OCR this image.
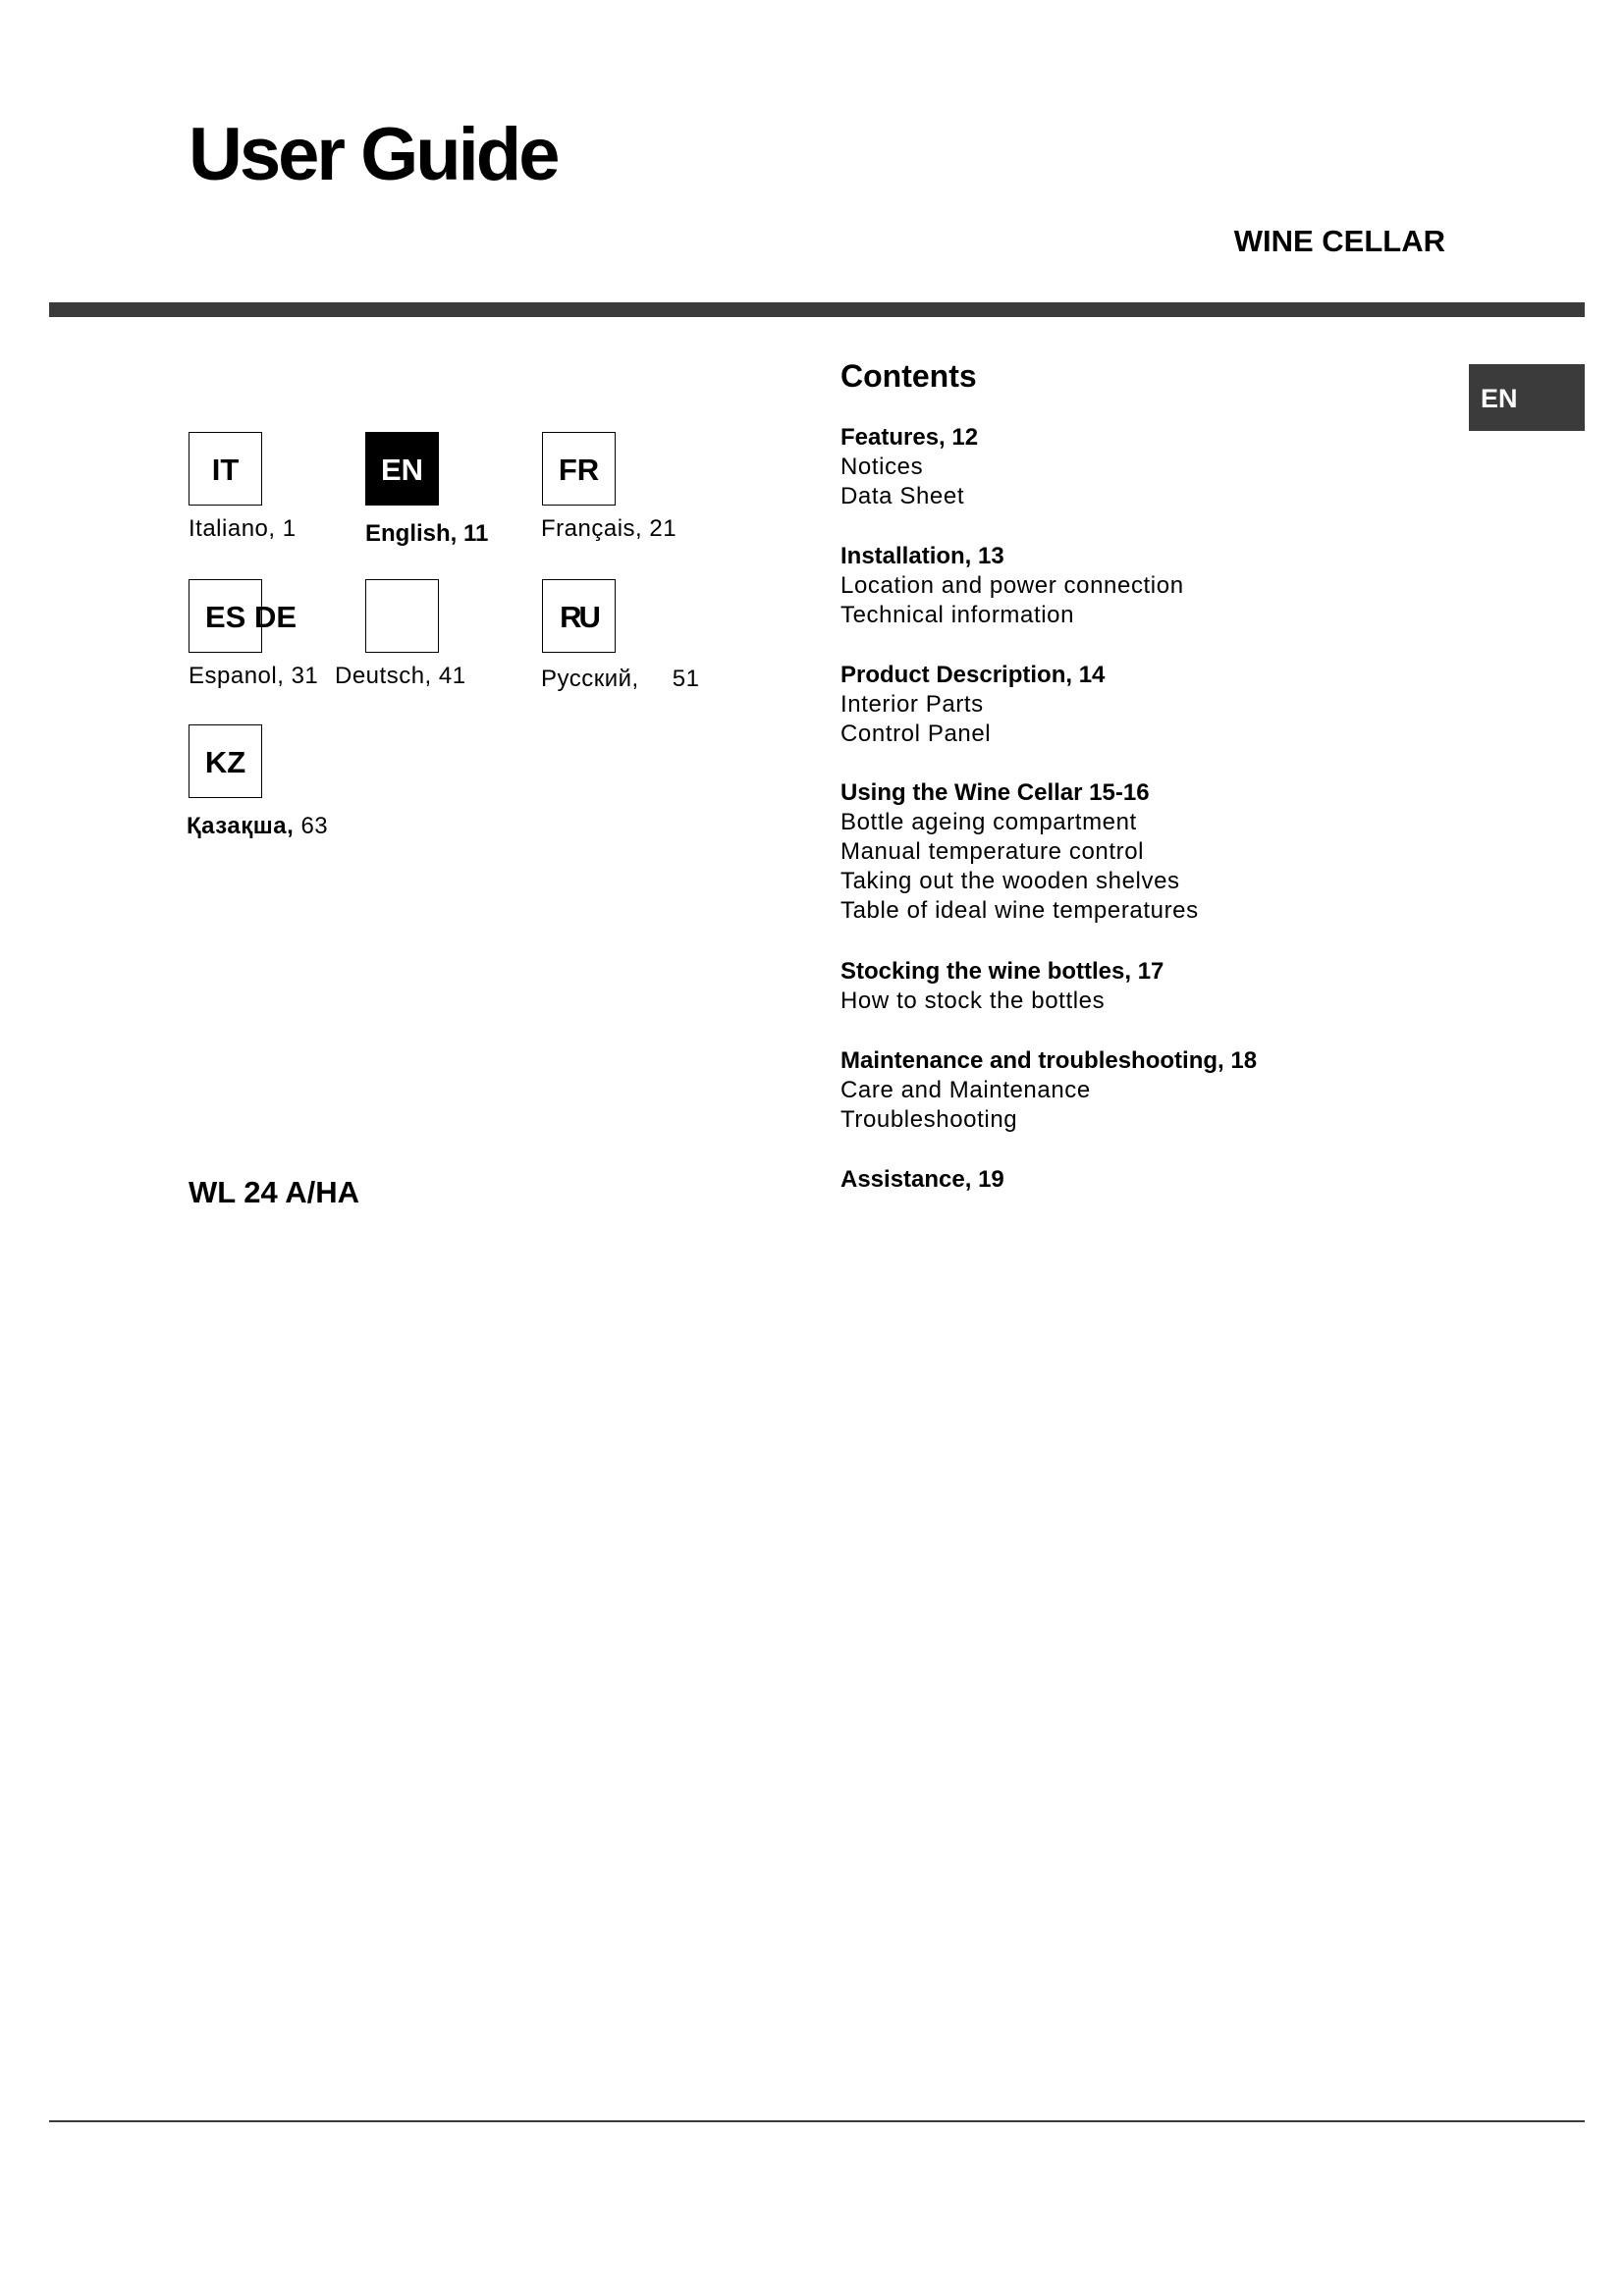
User Guide
WINE CELLAR
EN
IT
Italiano, 1
EN
English, 11
FR
Français, 21
ES DE
Espanol, 31 Deutsch, 41
RU
Русский, 51
KZ
Қазақша, 63
WL 24 A/HA
Contents
Features, 12
Notices
Data Sheet
Installation, 13
Location and power connection
Technical information
Product Description, 14
Interior Parts
Control Panel
Using the Wine Cellar 15-16
Bottle ageing compartment
Manual temperature control
Taking out the wooden shelves
Table of ideal wine temperatures
Stocking the wine bottles, 17
How to stock the bottles
Maintenance and troubleshooting, 18
Care and Maintenance
Troubleshooting
Assistance, 19
